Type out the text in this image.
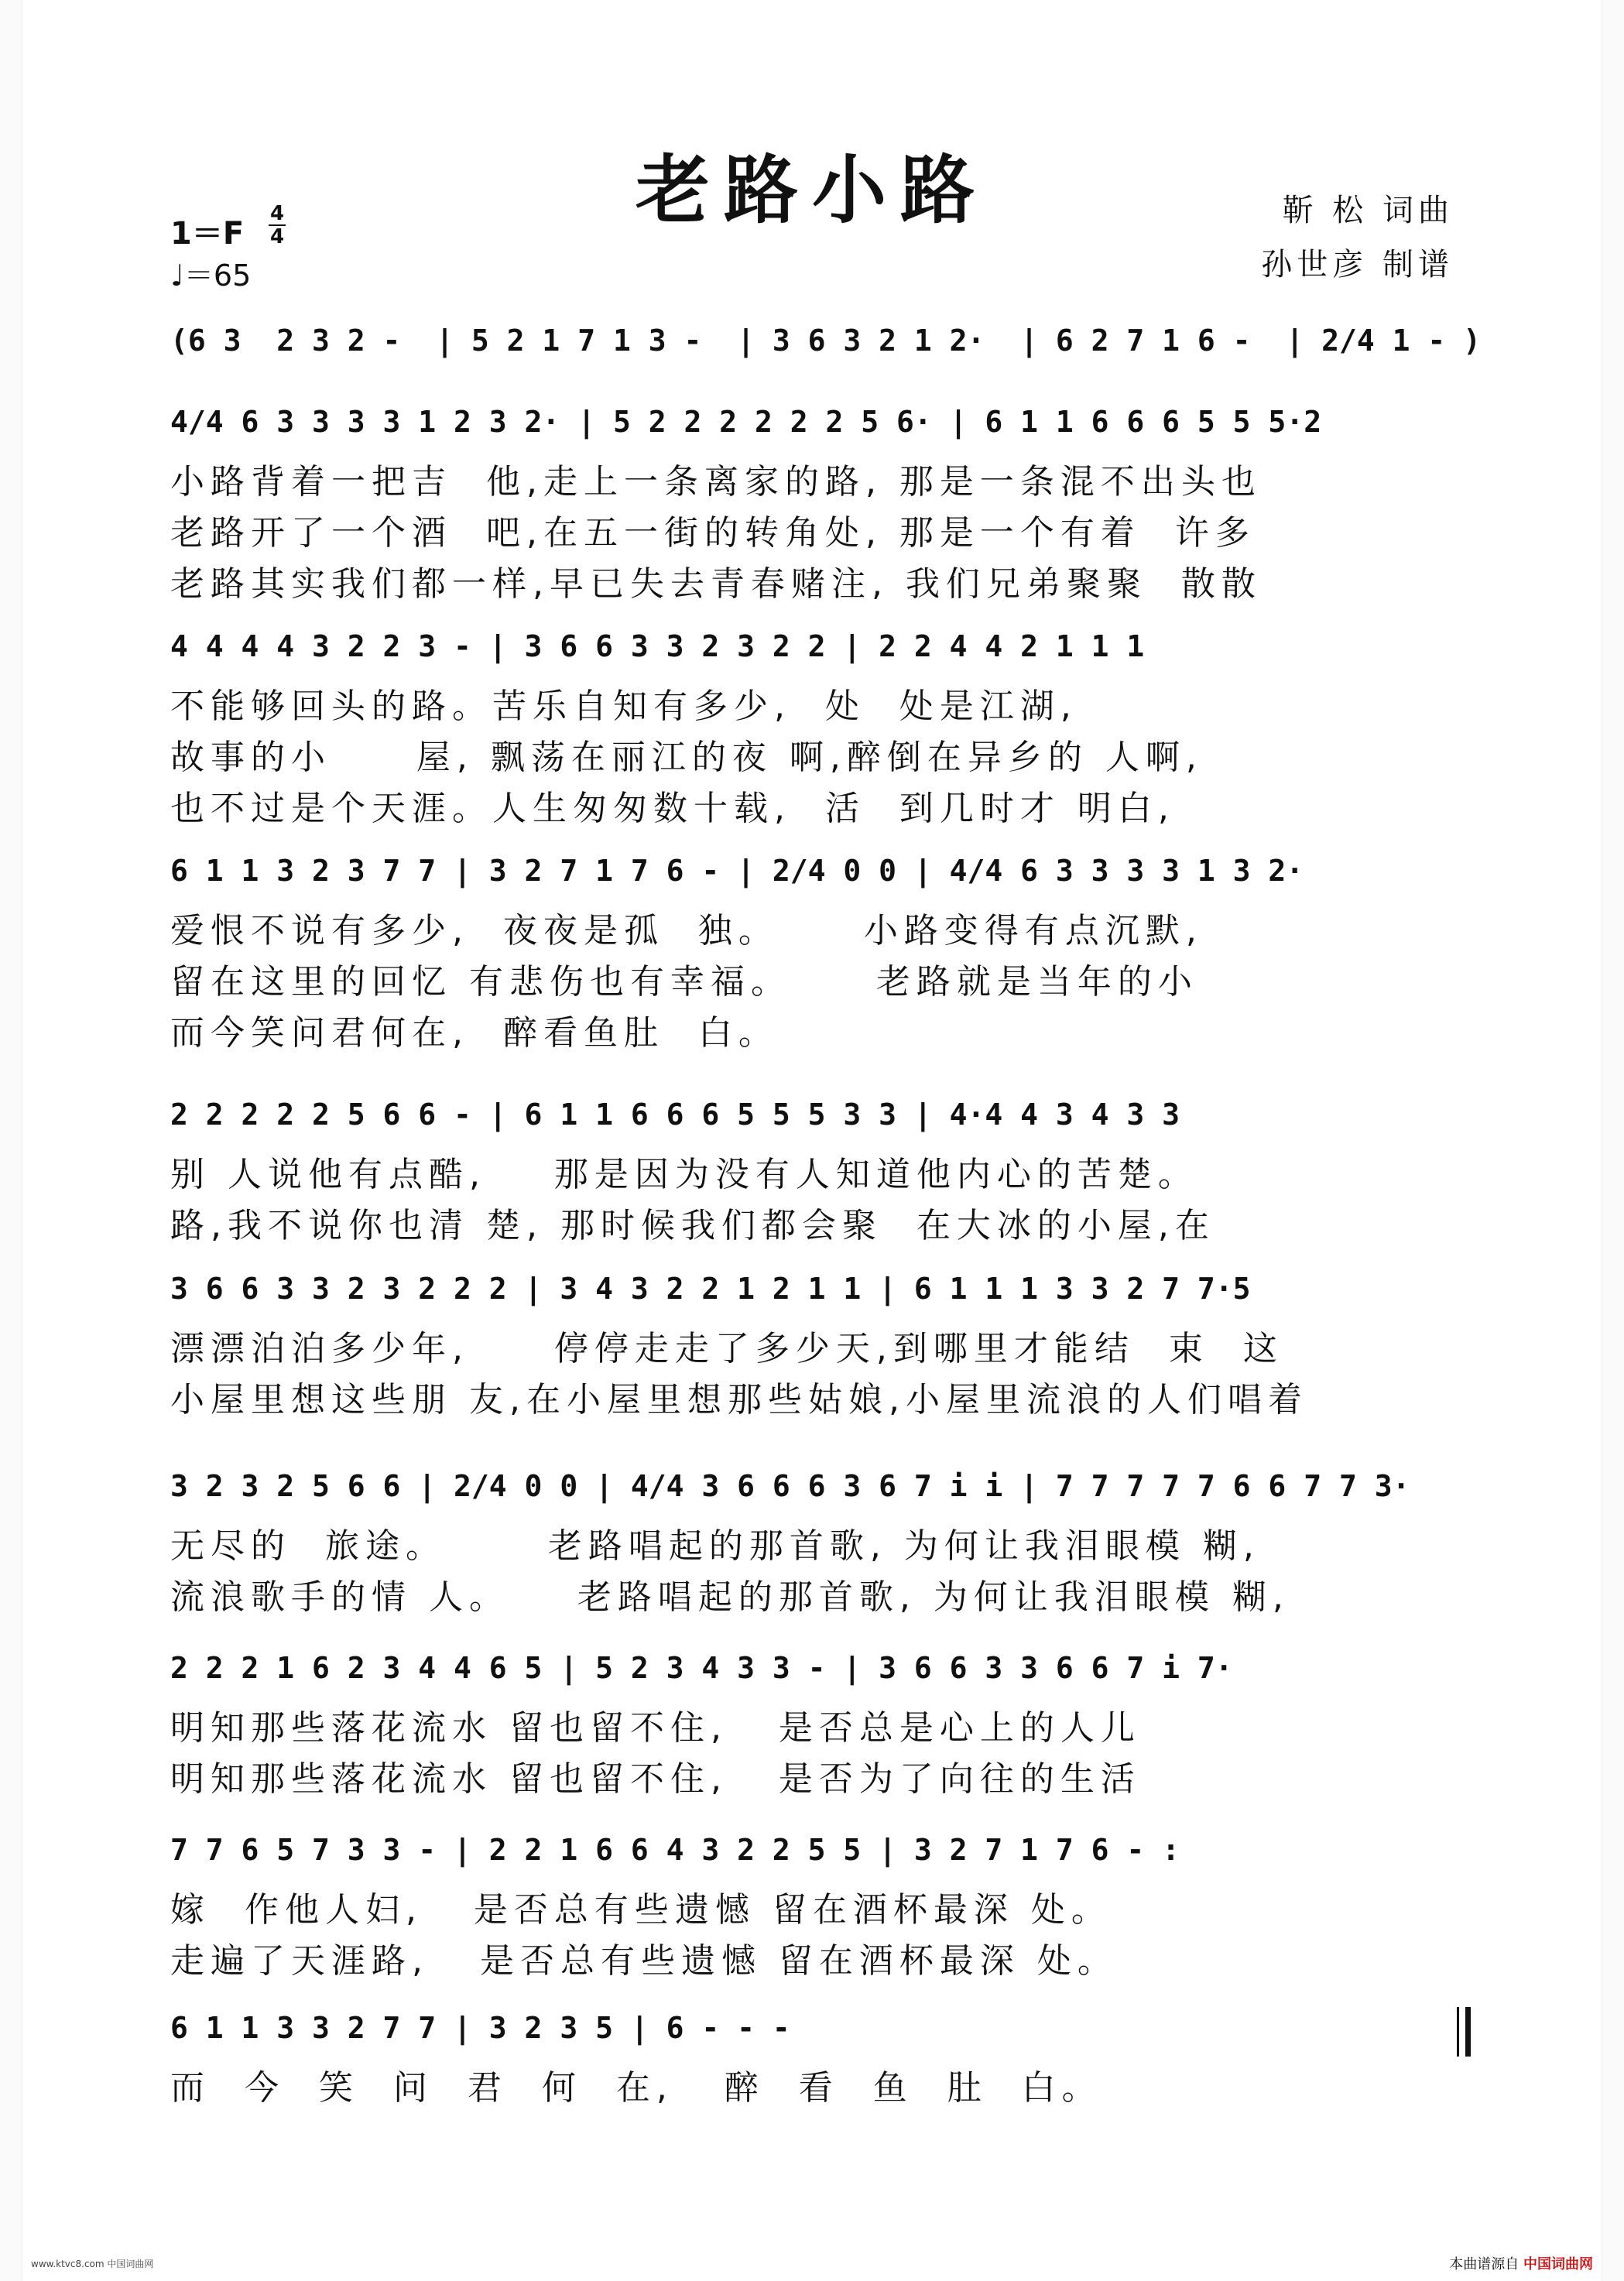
老路小路	靳 松 词曲
孙世彦 制谱
1＝F
4
4
♩＝65
(6 3  2 3 2 -  | 5 2 1 7 1 3 -  | 3 6 3 2 1 2·  | 6 2 7 1 6 -  | 2/4 1 - )
4/4 6 3 3 3 3 1 2 3 2· | 5 2 2 2 2 2 2 5 6· | 6 1 1 6 6 6 5 5 5·2
小路背着一把吉  他,走上一条离家的路, 那是一条混不出头也
老路开了一个酒  吧,在五一街的转角处, 那是一个有着  许多
老路其实我们都一样,早已失去青春赌注, 我们兄弟聚聚  散散
4 4 4 4 3 2 2 3 - | 3 6 6 3 3 2 3 2 2 | 2 2 4 4 2 1 1 1
不能够回头的路。苦乐自知有多少,  处  处是江湖,
故事的小     屋, 飘荡在丽江的夜 啊,醉倒在异乡的 人啊,
也不过是个天涯。人生匆匆数十载,  活  到几时才 明白,
6 1 1 3 2 3 7 7 | 3 2 7 1 7 6 - | 2/4 0 0 | 4/4 6 3 3 3 3 1 3 2·
爱恨不说有多少,  夜夜是孤  独。     小路变得有点沉默,
留在这里的回忆 有悲伤也有幸福。     老路就是当年的小
而今笑问君何在,  醉看鱼肚  白。
2 2 2 2 2 5 6 6 - | 6 1 1 6 6 6 5 5 5 3 3 | 4·4 4 3 4 3 3
别 人说他有点酷,    那是因为没有人知道他内心的苦楚。
路,我不说你也清 楚, 那时候我们都会聚  在大冰的小屋,在
3 6 6 3 3 2 3 2 2 2 | 3 4 3 2 2 1 2 1 1 | 6 1 1 1 3 3 2 7 7·5
漂漂泊泊多少年,     停停走走了多少天,到哪里才能结  束  这
小屋里想这些朋 友,在小屋里想那些姑娘,小屋里流浪的人们唱着
3 2 3 2 5 6 6 | 2/4 0 0 | 4/4 3 6 6 6 3 6 7 i i | 7 7 7 7 7 6 6 7 7 3·
无尽的  旅途。      老路唱起的那首歌, 为何让我泪眼模 糊,
流浪歌手的情 人。    老路唱起的那首歌, 为何让我泪眼模 糊,
2 2 2 1 6 2 3 4 4 6 5 | 5 2 3 4 3 3 - | 3 6 6 3 3 6 6 7 i 7·
明知那些落花流水 留也留不住,   是否总是心上的人儿
明知那些落花流水 留也留不住,   是否为了向往的生活
7 7 6 5 7 3 3 - | 2 2 1 6 6 4 3 2 2 5 5 | 3 2 7 1 7 6 - :
嫁  作他人妇,   是否总有些遗憾 留在酒杯最深 处。
走遍了天涯路,   是否总有些遗憾 留在酒杯最深 处。
6 1 1 3 3 2 7 7 | 3 2 3 5 | 6 - - -
而  今  笑  问  君  何  在,   醉  看  鱼  肚  白。
www.ktvc8.com 中国词曲网	本曲谱源自 中国词曲网
